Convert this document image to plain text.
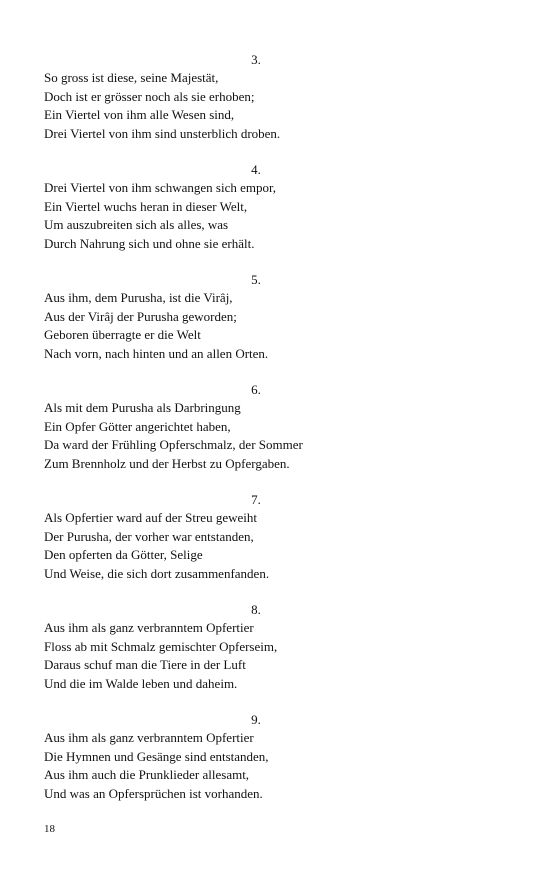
3.
So gross ist diese, seine Majestät,
Doch ist er grösser noch als sie erhoben;
Ein Viertel von ihm alle Wesen sind,
Drei Viertel von ihm sind unsterblich droben.
4.
Drei Viertel von ihm schwangen sich empor,
Ein Viertel wuchs heran in dieser Welt,
Um auszubreiten sich als alles, was
Durch Nahrung sich und ohne sie erhält.
5.
Aus ihm, dem Purusha, ist die Virâj,
Aus der Virâj der Purusha geworden;
Geboren überragte er die Welt
Nach vorn, nach hinten und an allen Orten.
6.
Als mit dem Purusha als Darbringung
Ein Opfer Götter angerichtet haben,
Da ward der Frühling Opferschmalz, der Sommer
Zum Brennholz und der Herbst zu Opfergaben.
7.
Als Opfertier ward auf der Streu geweiht
Der Purusha, der vorher war entstanden,
Den opferten da Götter, Selige
Und Weise, die sich dort zusammenfanden.
8.
Aus ihm als ganz verbranntem Opfertier
Floss ab mit Schmalz gemischter Opferseim,
Daraus schuf man die Tiere in der Luft
Und die im Walde leben und daheim.
9.
Aus ihm als ganz verbranntem Opfertier
Die Hymnen und Gesänge sind entstanden,
Aus ihm auch die Prunklieder allesamt,
Und was an Opfersprüchen ist vorhanden.
18
